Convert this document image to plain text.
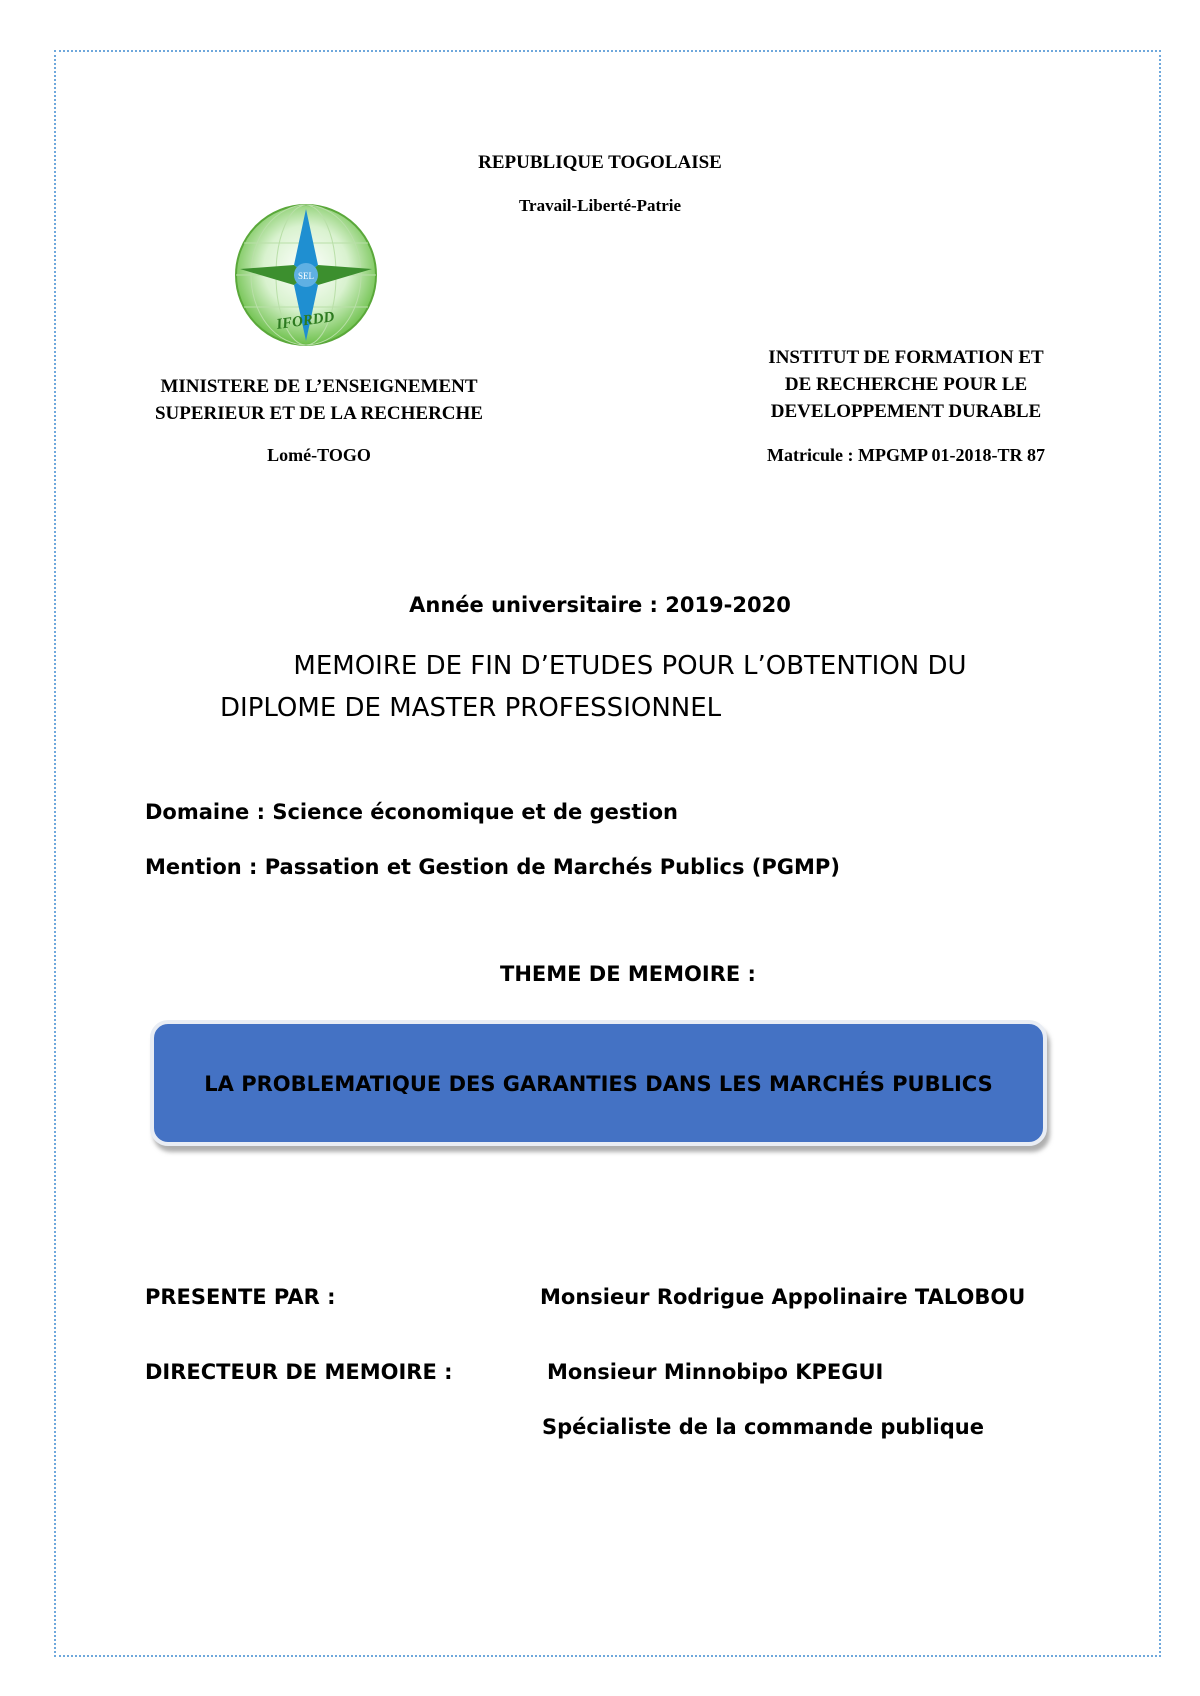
REPUBLIQUE TOGOLAISE
Travail-Liberté-Patrie
SEL
IFORDD
MINISTERE DE L’ENSEIGNEMENT
SUPERIEUR ET DE LA RECHERCHE
Lomé-TOGO
INSTITUT DE FORMATION ET
DE RECHERCHE POUR LE
DEVELOPPEMENT DURABLE
Matricule : MPGMP 01-2018-TR 87
Année universitaire : 2019-2020
MEMOIRE DE FIN D’ETUDES POUR L’OBTENTION DU
DIPLOME DE MASTER PROFESSIONNEL
Domaine : Science économique et de gestion
Mention : Passation et Gestion de Marchés Publics (PGMP)
THEME DE MEMOIRE :
LA PROBLEMATIQUE DES GARANTIES DANS LES MARCHÉS PUBLICS
PRESENTE PAR :	Monsieur Rodrigue Appolinaire TALOBOU
DIRECTEUR DE MEMOIRE :	Monsieur Minnobipo KPEGUI
Spécialiste de la commande publique
